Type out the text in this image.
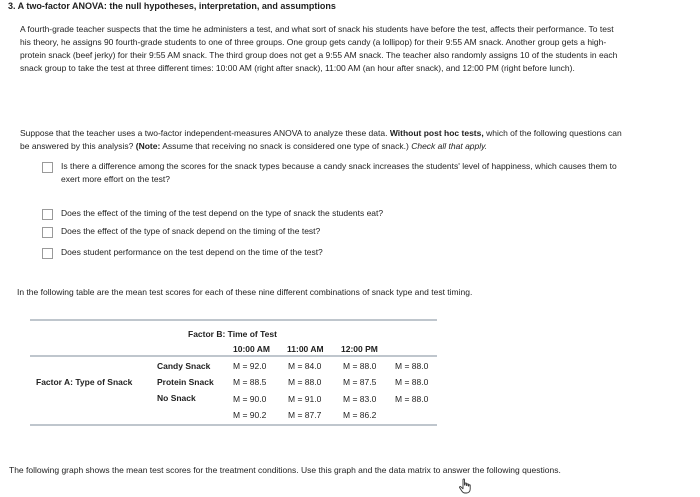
3. A two-factor ANOVA: the null hypotheses, interpretation, and assumptions
A fourth-grade teacher suspects that the time he administers a test, and what sort of snack his students have before the test, affects their performance. To test his theory, he assigns 90 fourth-grade students to one of three groups. One group gets candy (a lollipop) for their 9:55 AM snack. Another group gets a high-protein snack (beef jerky) for their 9:55 AM snack. The third group does not get a 9:55 AM snack. The teacher also randomly assigns 10 of the students in each snack group to take the test at three different times: 10:00 AM (right after snack), 11:00 AM (an hour after snack), and 12:00 PM (right before lunch).
Suppose that the teacher uses a two-factor independent-measures ANOVA to analyze these data. Without post hoc tests, which of the following questions can be answered by this analysis? (Note: Assume that receiving no snack is considered one type of snack.) Check all that apply.
Is there a difference among the scores for the snack types because a candy snack increases the students' level of happiness, which causes them to exert more effort on the test?
Does the effect of the timing of the test depend on the type of snack the students eat?
Does the effect of the type of snack depend on the timing of the test?
Does student performance on the test depend on the time of the test?
In the following table are the mean test scores for each of these nine different combinations of snack type and test timing.
Factor B: Time of Test
10:00 AM 11:00 AM 12:00 PM
Factor A: Type of Snack
Candy Snack	M = 92.0	M = 84.0	M = 88.0 M = 88.0
Protein Snack M = 88.5	M = 88.0	M = 87.5 M = 88.0
No Snack	M = 90.0	M = 91.0	M = 83.0 M = 88.0
M = 90.2	M = 87.7	M = 86.2
The following graph shows the mean test scores for the treatment conditions. Use this graph and the data matrix to answer the following questions.
